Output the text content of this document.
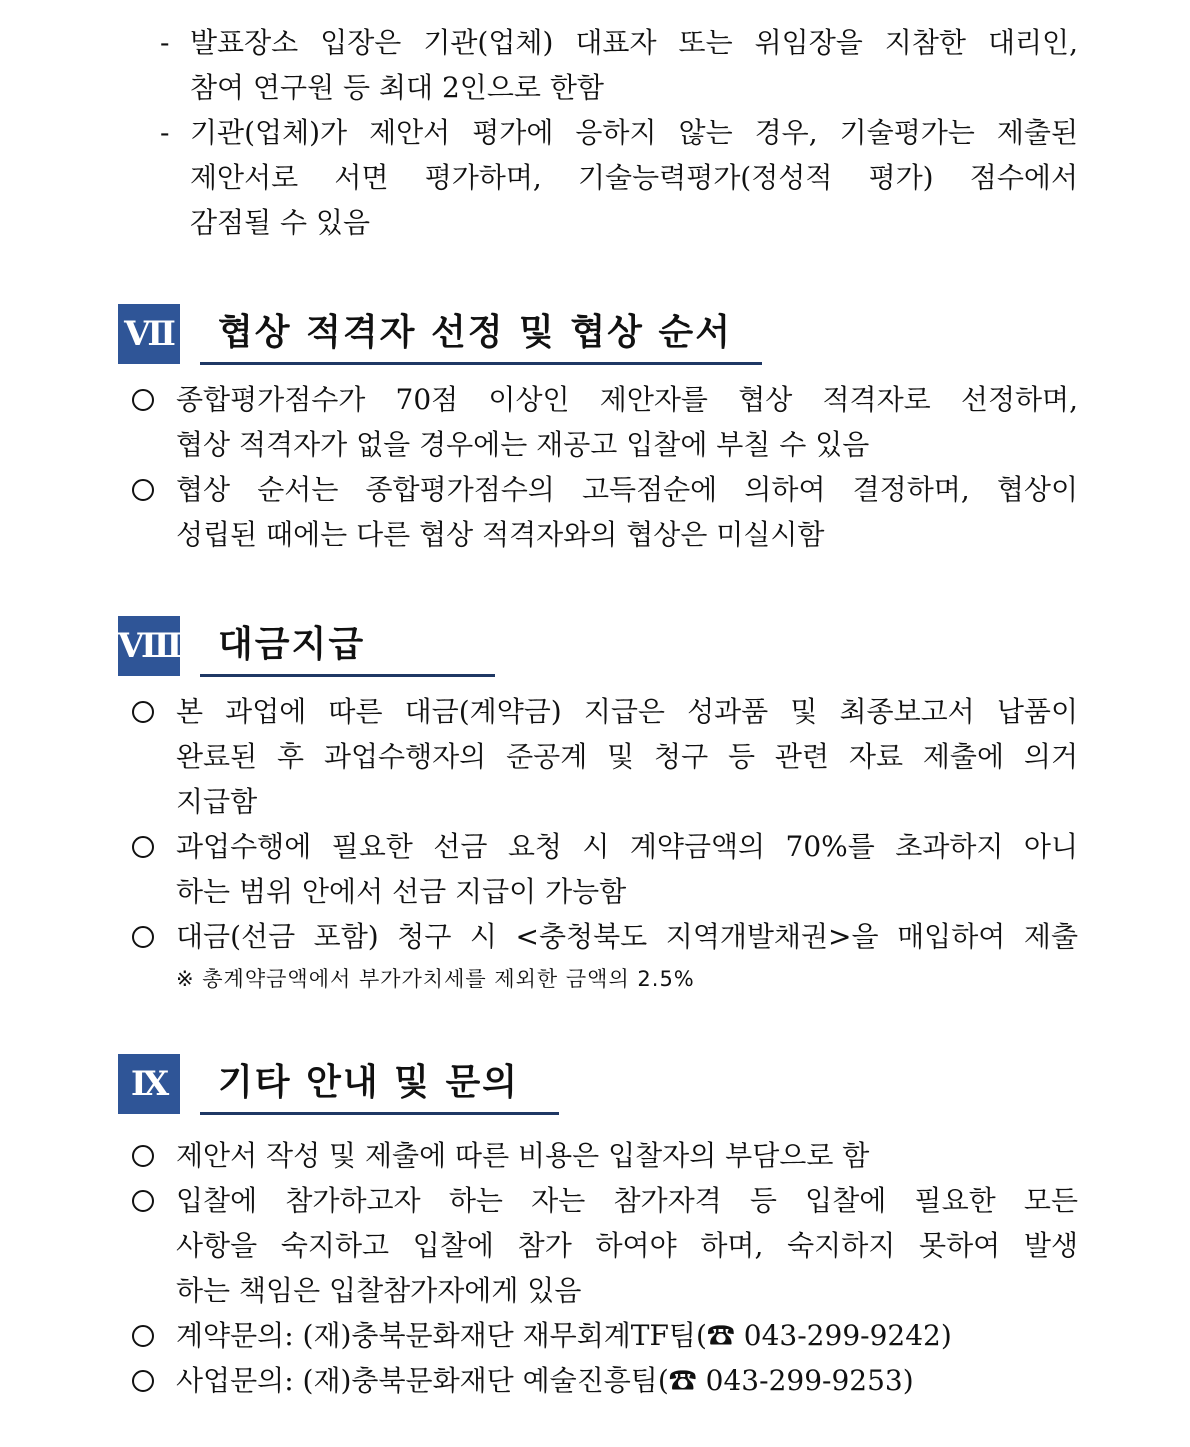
- 발표장소 입장은 기관(업체) 대표자 또는 위임장을 지참한 대리인,
참여 연구원 등 최대 2인으로 한함
- 기관(업체)가 제안서 평가에 응하지 않는 경우, 기술평가는 제출된
제안서로 서면 평가하며, 기술능력평가(정성적 평가) 점수에서
감점될 수 있음
Ⅶ	협상 적격자 선정 및 협상 순서
종합평가점수가 70점 이상인 제안자를 협상 적격자로 선정하며,
협상 적격자가 없을 경우에는 재공고 입찰에 부칠 수 있음
협상 순서는 종합평가점수의 고득점순에 의하여 결정하며, 협상이
성립된 때에는 다른 협상 적격자와의 협상은 미실시함
Ⅷ	대금지급
본 과업에 따른 대금(계약금) 지급은 성과품 및 최종보고서 납품이
완료된 후 과업수행자의 준공계 및 청구 등 관련 자료 제출에 의거
지급함
과업수행에 필요한 선금 요청 시 계약금액의 70%를 초과하지 아니
하는 범위 안에서 선금 지급이 가능함
대금(선금 포함) 청구 시 <충청북도 지역개발채권>을 매입하여 제출
※ 총계약금액에서 부가가치세를 제외한 금액의 2.5%
Ⅸ	기타 안내 및 문의
제안서 작성 및 제출에 따른 비용은 입찰자의 부담으로 함
입찰에 참가하고자 하는 자는 참가자격 등 입찰에 필요한 모든
사항을 숙지하고 입찰에 참가 하여야 하며, 숙지하지 못하여 발생
하는 책임은 입찰참가자에게 있음
계약문의: (재)충북문화재단 재무회계TF팀(☎ 043-299-9242)
사업문의: (재)충북문화재단 예술진흥팀(☎ 043-299-9253)
